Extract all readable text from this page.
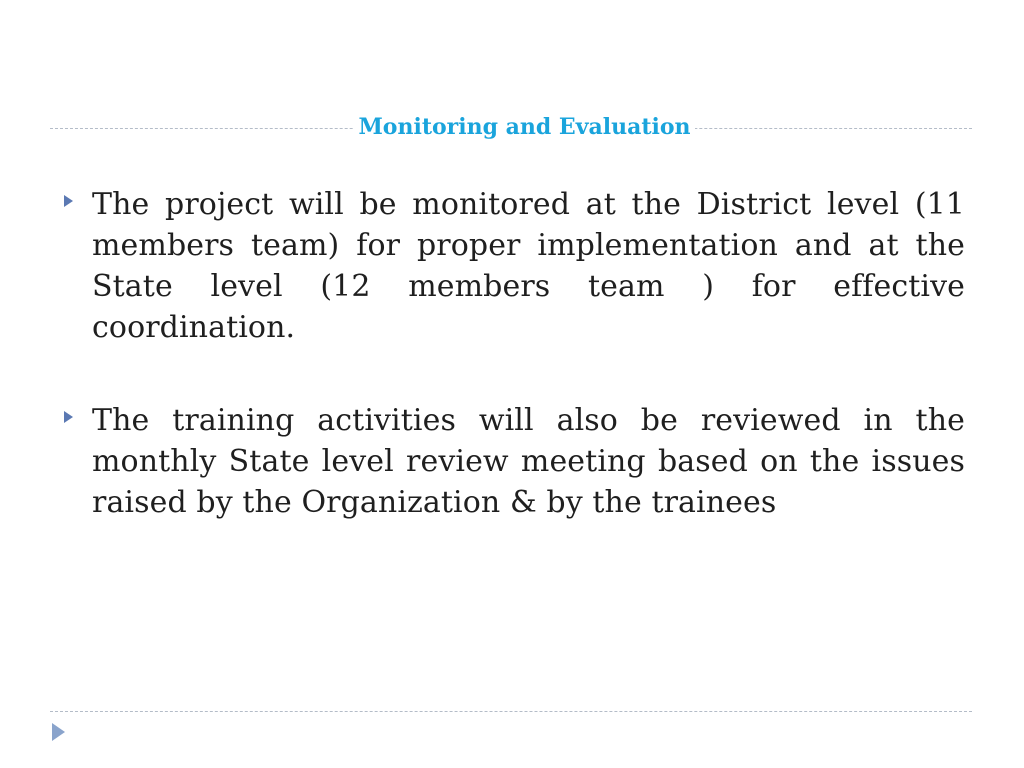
Monitoring and Evaluation
The project will be monitored at the District level (11 members team) for proper implementation and at the State level (12 members team ) for effective coordination.
The training activities will also be reviewed in the monthly State level review meeting based on the issues raised by the Organization & by the trainees
